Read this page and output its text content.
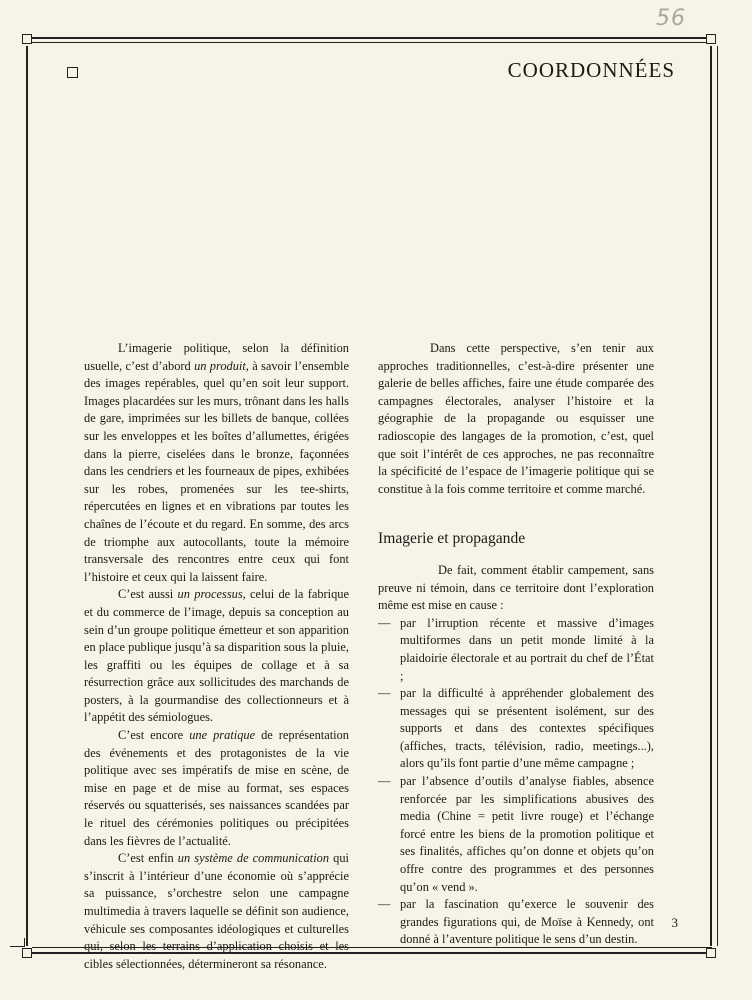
56
COORDONNÉES

L’imagerie politique, selon la définition usuelle, c’est d’abord un produit, à savoir l’ensemble des images repérables, quel qu’en soit leur support. Images placardées sur les murs, trônant dans les halls de gare, imprimées sur les billets de banque, collées sur les enveloppes et les boîtes d’allumettes, érigées dans la pierre, ciselées dans le bronze, façonnées dans les cendriers et les fourneaux de pipes, exhibées sur les robes, promenées sur les tee-shirts, répercutées en lignes et en vibrations par toutes les chaînes de l’écoute et du regard. En somme, des arcs de triomphe aux autocollants, toute la mémoire transversale des rencontres entre ceux qui font l’histoire et ceux qui la laissent faire.

C’est aussi un processus, celui de la fabrique et du commerce de l’image, depuis sa conception au sein d’un groupe politique émetteur et son apparition en place publique jusqu’à sa disparition sous la pluie, les graffiti ou les équipes de collage et à sa résurrection grâce aux sollicitudes des marchands de posters, à la gourmandise des collectionneurs et à l’appétit des sémiologues.

C’est encore une pratique de représentation des événements et des protagonistes de la vie politique avec ses impératifs de mise en scène, de mise en page et de mise au format, ses espaces réservés ou squatterisés, ses naissances scandées par le rituel des cérémonies politiques ou précipitées dans les fièvres de l’actualité.

C’est enfin un système de communication qui s’inscrit à l’intérieur d’une économie où s’apprécie sa puissance, s’orchestre selon une campagne multimedia à travers laquelle se définit son audience, véhicule ses composantes idéologiques et culturelles qui, selon les terrains d’application choisis et les cibles sélectionnées, détermineront sa résonance.

Dans cette perspective, s’en tenir aux approches traditionnelles, c’est-à-dire présenter une galerie de belles affiches, faire une étude comparée des campagnes électorales, analyser l’histoire et la géographie de la propagande ou esquisser une radioscopie des langages de la promotion, c’est, quel que soit l’intérêt de ces approches, ne pas reconnaître la spécificité de l’espace de l’imagerie politique qui se constitue à la fois comme territoire et comme marché.

Imagerie et propagande

De fait, comment établir campement, sans preuve ni témoin, dans ce territoire dont l’exploration même est mise en cause :

— par l’irruption récente et massive d’images multiformes dans un petit monde limité à la plaidoirie électorale et au portrait du chef de l’État ;
— par la difficulté à appréhender globalement des messages qui se présentent isolément, sur des supports et dans des contextes spécifiques (affiches, tracts, télévision, radio, meetings...), alors qu’ils font partie d’une même campagne ;
— par l’absence d’outils d’analyse fiables, absence renforcée par les simplifications abusives des media (Chine = petit livre rouge) et l’échange forcé entre les biens de la promotion politique et ses finalités, affiches qu’on donne et objets qu’on offre contre des programmes et des personnes qu’on « vend ».
— par la fascination qu’exerce le souvenir des grandes figurations qui, de Moïse à Kennedy, ont donné à l’aventure politique le sens d’un destin.
3
